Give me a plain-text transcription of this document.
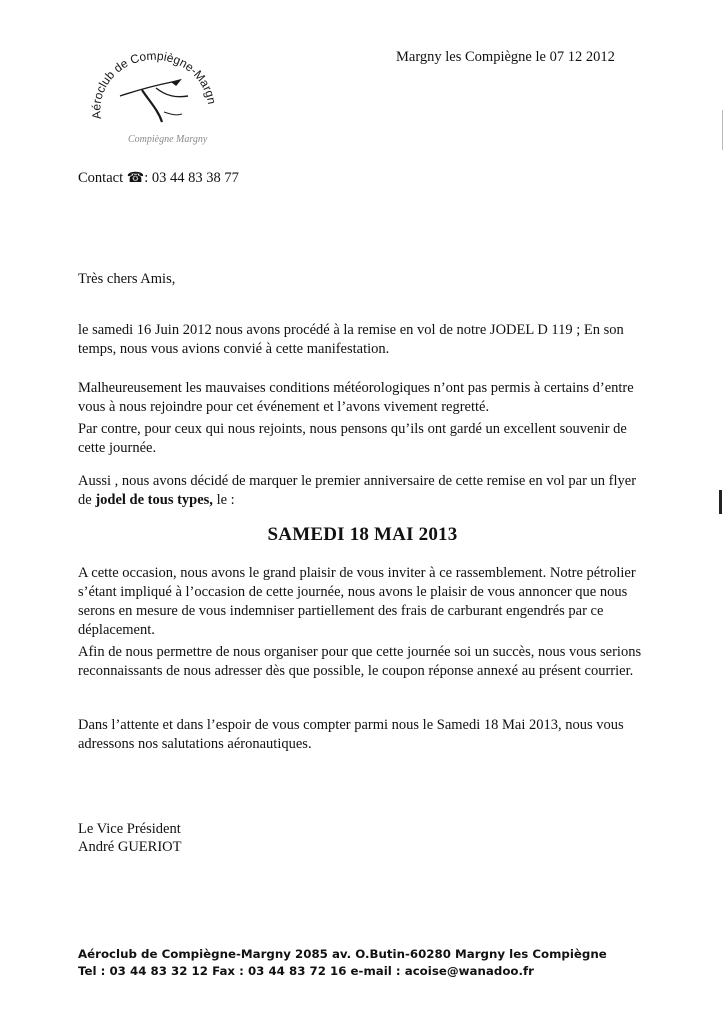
Aéroclub de Compiègne-Margn
Compiègne Margny
Margny les Compiègne le 07 12 2012
Contact ☎: 03 44 83 38 77
Très chers Amis,

le samedi 16 Juin 2012 nous avons procédé à la remise en vol de notre JODEL D 119 ; En son temps, nous vous avions convié à cette manifestation.

Malheureusement les mauvaises conditions météorologiques n’ont pas permis à certains d’entre vous à nous rejoindre pour cet événement et l’avons vivement regretté.

Par contre, pour ceux qui nous rejoints, nous pensons qu’ils ont gardé un excellent souvenir de cette journée.

Aussi , nous avons décidé de marquer le premier anniversaire de cette remise en vol par un flyer de jodel de tous types, le :

SAMEDI 18 MAI 2013

A cette occasion, nous avons le grand plaisir de vous inviter à ce rassemblement. Notre pétrolier s’étant impliqué à l’occasion de cette journée, nous avons le plaisir de vous annoncer que nous serons en mesure de vous indemniser partiellement des frais de carburant engendrés par ce déplacement.

Afin de nous permettre de nous organiser pour que cette journée soi un succès, nous vous serions reconnaissants de nous adresser dès que possible, le coupon réponse annexé au présent courrier.

Dans l’attente et dans l’espoir de vous compter parmi nous le Samedi 18 Mai 2013, nous vous adressons nos salutations aéronautiques.

Le Vice Président
André GUERIOT
Aéroclub de Compiègne-Margny 2085 av. O.Butin-60280 Margny les Compiègne
Tel : 03 44 83 32 12 Fax : 03 44 83 72 16 e-mail : acoise@wanadoo.fr
